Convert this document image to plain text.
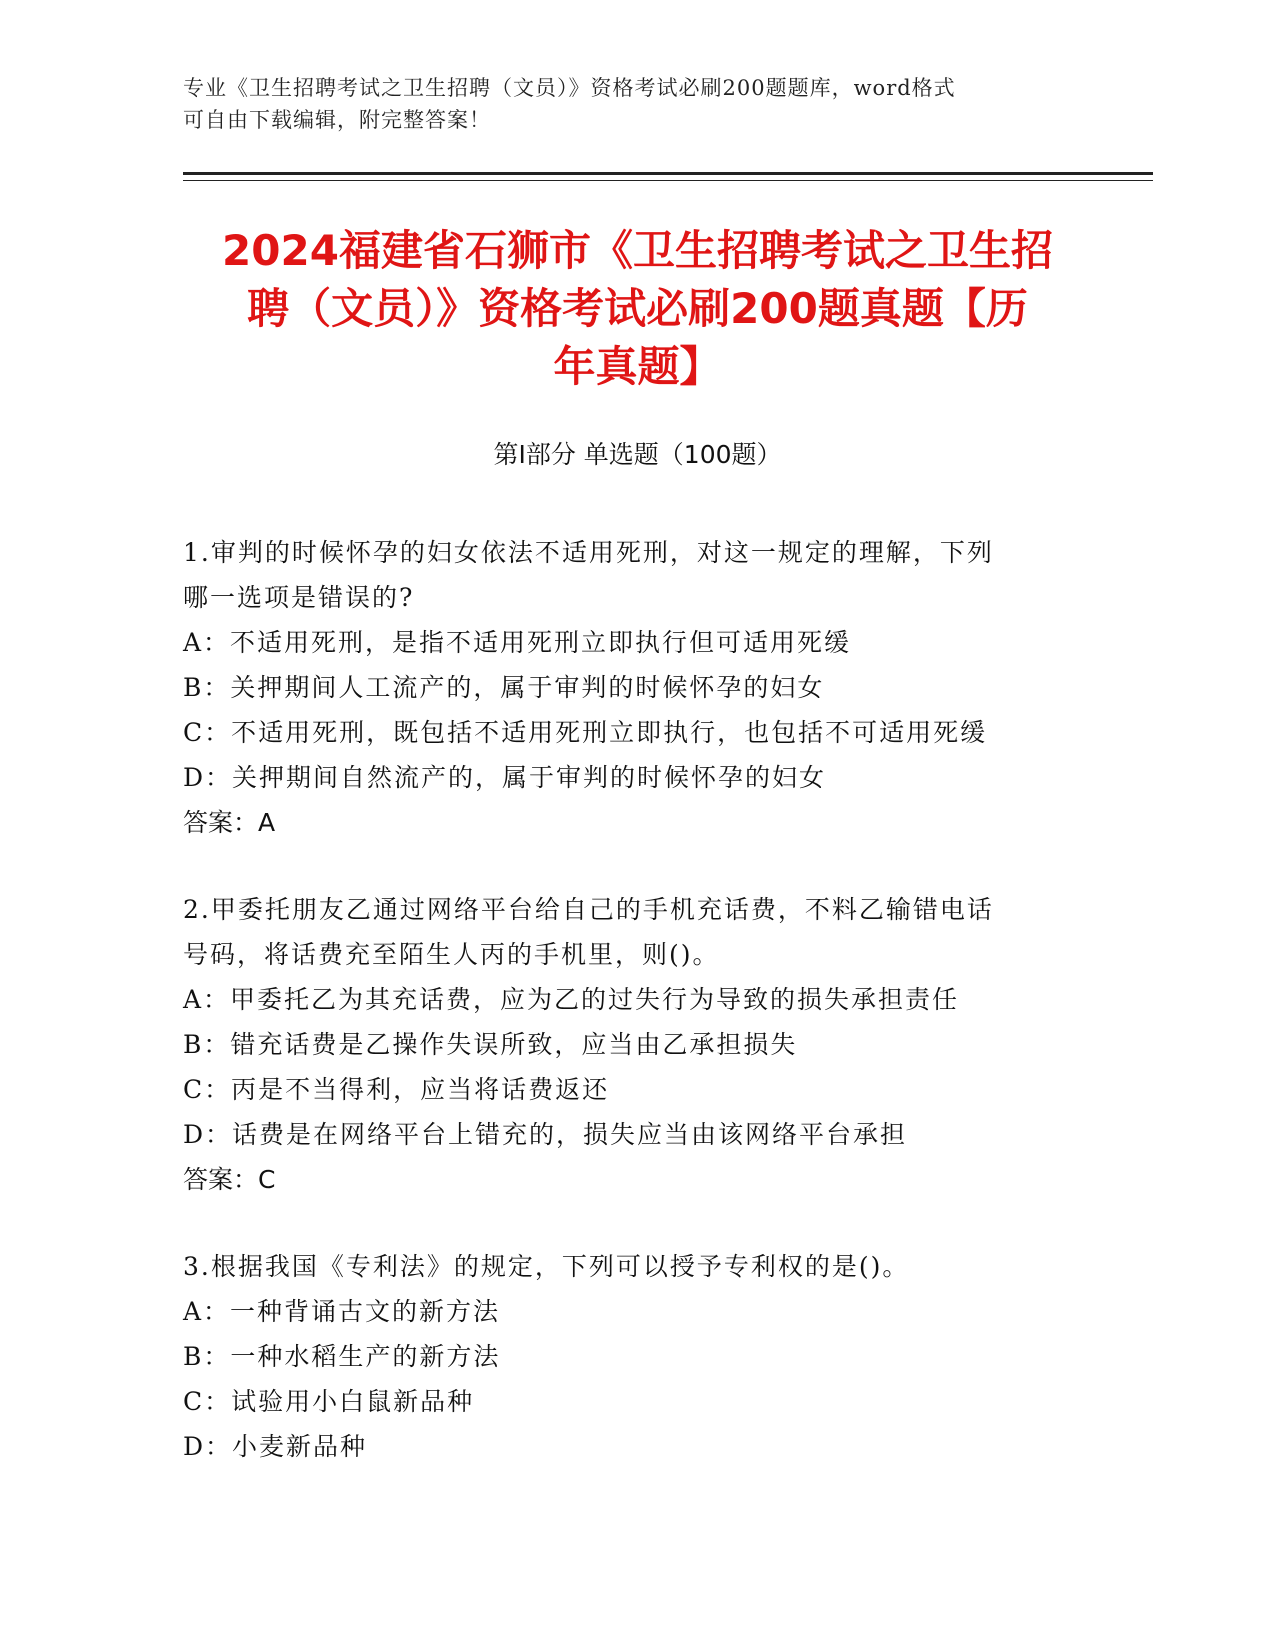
专业《卫生招聘考试之卫生招聘（文员）》资格考试必刷200题题库，word格式
可自由下载编辑，附完整答案！
2024福建省石狮市《卫生招聘考试之卫生招
聘（文员）》资格考试必刷200题真题【历
年真题】
第Ⅰ部分 单选题（100题）
1.审判的时候怀孕的妇女依法不适用死刑，对这一规定的理解，下列
哪一选项是错误的?
A：不适用死刑，是指不适用死刑立即执行但可适用死缓
B：关押期间人工流产的，属于审判的时候怀孕的妇女
C：不适用死刑，既包括不适用死刑立即执行，也包括不可适用死缓
D：关押期间自然流产的，属于审判的时候怀孕的妇女
答案：A
2.甲委托朋友乙通过网络平台给自己的手机充话费，不料乙输错电话
号码，将话费充至陌生人丙的手机里，则()。
A：甲委托乙为其充话费，应为乙的过失行为导致的损失承担责任
B：错充话费是乙操作失误所致，应当由乙承担损失
C：丙是不当得利，应当将话费返还
D：话费是在网络平台上错充的，损失应当由该网络平台承担
答案：C
3.根据我国《专利法》的规定，下列可以授予专利权的是()。
A：一种背诵古文的新方法
B：一种水稻生产的新方法
C：试验用小白鼠新品种
D：小麦新品种
